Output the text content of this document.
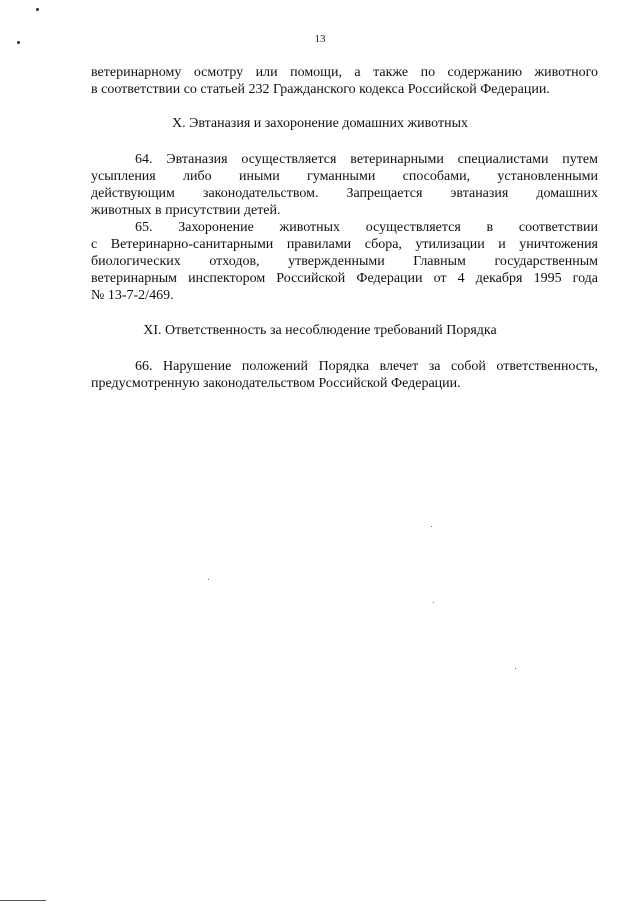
13
ветеринарному осмотру или помощи, а также по содержанию животного
в соответствии со статьей 232 Гражданского кодекса Российской Федерации.
X. Эвтаназия и захоронение домашних животных
64. Эвтаназия осуществляется ветеринарными специалистами путем
усыпления либо иными гуманными способами, установленными
действующим законодательством. Запрещается эвтаназия домашних
животных в присутствии детей.
65. Захоронение животных осуществляется в соответствии
с Ветеринарно-санитарными правилами сбора, утилизации и уничтожения
биологических отходов, утвержденными Главным государственным
ветеринарным инспектором Российской Федерации от 4 декабря 1995 года
№ 13-7-2/469.
XI. Ответственность за несоблюдение требований Порядка
66. Нарушение положений Порядка влечет за собой ответственность,
предусмотренную законодательством Российской Федерации.
